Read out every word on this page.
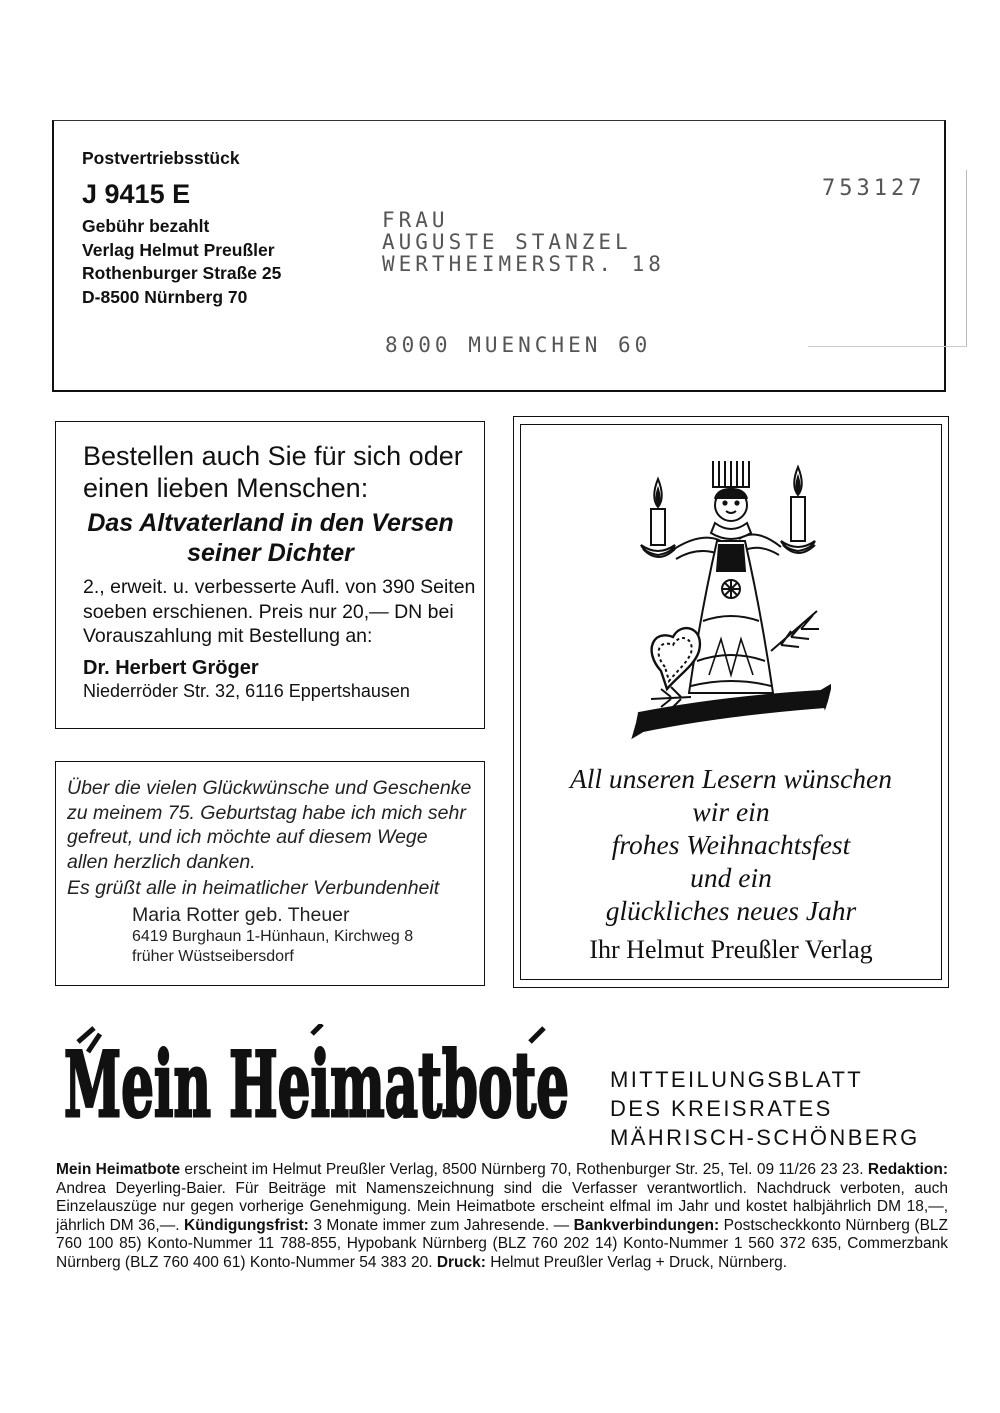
Postvertriebsstück
J 9415 E
Gebühr bezahlt
Verlag Helmut Preußler
Rothenburger Straße 25
D-8500 Nürnberg 70
753127
FRAU
AUGUSTE STANZEL
WERTHEIMERSTR. 18
8000 MUENCHEN 60
Bestellen auch Sie für sich oder einen lieben Menschen:
Das Altvaterland in den Versen seiner Dichter
2., erweit. u. verbesserte Aufl. von 390 Seiten soeben erschienen. Preis nur 20,— DN bei Vorauszahlung mit Bestellung an:
Dr. Herbert Gröger
Niederröder Str. 32, 6116 Eppertshausen
Über die vielen Glückwünsche und Geschenke zu meinem 75. Geburtstag habe ich mich sehr gefreut, und ich möchte auf diesem Wege allen herzlich danken.
Es grüßt alle in heimatlicher Verbundenheit
Maria Rotter geb. Theuer
6419 Burghaun 1-Hünhaun, Kirchweg 8
früher Wüstseibersdorf
All unseren Lesern wünschen
wir ein
frohes Weihnachtsfest
und ein
glückliches neues Jahr
Ihr Helmut Preußler Verlag
Mein Heimatbote MITTEILUNGSBLATT
DES KREISRATES
MÄHRISCH-SCHÖNBERG
Mein Heimatbote erscheint im Helmut Preußler Verlag, 8500 Nürnberg 70, Rothenburger Str. 25, Tel. 09 11/26 23 23. Redaktion: Andrea Deyerling-Baier. Für Beiträge mit Namenszeichnung sind die Verfasser verantwortlich. Nachdruck verboten, auch Einzelauszüge nur gegen vorherige Genehmigung. Mein Heimatbote erscheint elfmal im Jahr und kostet halbjährlich DM 18,—, jährlich DM 36,—. Kündigungsfrist: 3 Monate immer zum Jahresende. — Bankverbindungen: Postscheckkonto Nürnberg (BLZ 760 100 85) Konto-Nummer 11 788-855, Hypobank Nürnberg (BLZ 760 202 14) Konto-Nummer 1 560 372 635, Commerzbank Nürnberg (BLZ 760 400 61) Konto-Nummer 54 383 20. Druck: Helmut Preußler Verlag + Druck, Nürnberg.
